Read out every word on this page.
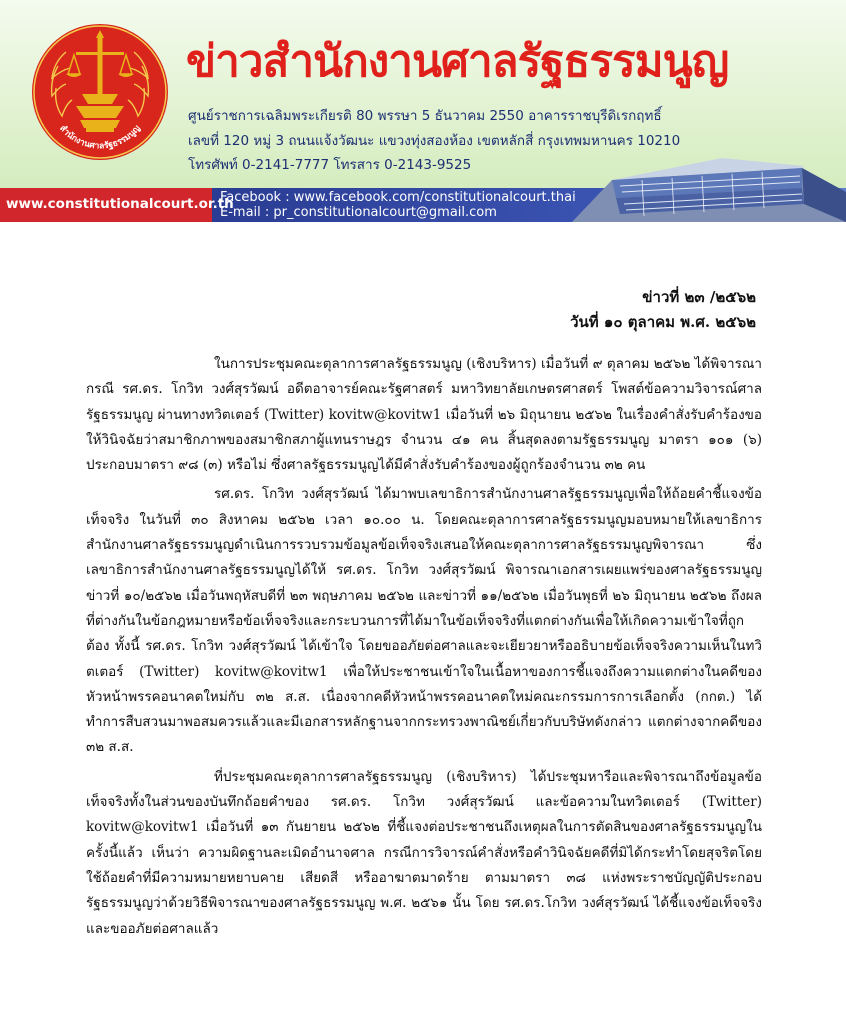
สำนักงานศาลรัฐธรรมนูญ
ข่าวสำนักงานศาลรัฐธรรมนูญ
ศูนย์ราชการเฉลิมพระเกียรติ 80 พรรษา 5 ธันวาคม 2550 อาคารราชบุรีดิเรกฤทธิ์
เลขที่ 120 หมู่ 3 ถนนแจ้งวัฒนะ แขวงทุ่งสองห้อง เขตหลักสี่ กรุงเทพมหานคร 10210
โทรศัพท์ 0-2141-7777 โทรสาร 0-2143-9525
www.constitutionalcourt.or.th
Facebook : www.facebook.com/constitutionalcourt.thai
E-mail : pr_constitutionalcourt@gmail.com
ข่าวที่ ๒๓ /๒๕๖๒
วันที่ ๑๐ ตุลาคม พ.ศ. ๒๕๖๒

ในการประชุมคณะตุลาการศาลรัฐธรรมนูญ (เชิงบริหาร) เมื่อวันที่ ๙ ตุลาคม ๒๕๖๒ ได้พิจารณากรณี รศ.ดร. โกวิท วงศ์สุรวัฒน์ อดีตอาจารย์คณะรัฐศาสตร์ มหาวิทยาลัยเกษตรศาสตร์ โพสต์ข้อความวิจารณ์ศาลรัฐธรรมนูญ ผ่านทางทวิตเตอร์ (Twitter) kovitw@kovitw1 เมื่อวันที่ ๒๖ มิถุนายน ๒๕๖๒ ในเรื่องคำสั่งรับคำร้องขอให้วินิจฉัยว่าสมาชิกภาพของสมาชิกสภาผู้แทนราษฎร จำนวน ๔๑ คน สิ้นสุดลงตามรัฐธรรมนูญ มาตรา ๑๐๑ (๖) ประกอบมาตรา ๙๘ (๓) หรือไม่ ซึ่งศาลรัฐธรรมนูญได้มีคำสั่งรับคำร้องของผู้ถูกร้องจำนวน ๓๒ คน

รศ.ดร. โกวิท วงศ์สุรวัฒน์ ได้มาพบเลขาธิการสำนักงานศาลรัฐธรรมนูญเพื่อให้ถ้อยคำชี้แจงข้อเท็จจริง ในวันที่ ๓๐ สิงหาคม ๒๕๖๒ เวลา ๑๐.๐๐ น. โดยคณะตุลาการศาลรัฐธรรมนูญมอบหมายให้เลขาธิการสำนักงานศาลรัฐธรรมนูญดำเนินการรวบรวมข้อมูลข้อเท็จจริงเสนอให้คณะตุลาการศาลรัฐธรรมนูญพิจารณา ซึ่งเลขาธิการสำนักงานศาลรัฐธรรมนูญได้ให้ รศ.ดร. โกวิท วงศ์สุรวัฒน์ พิจารณาเอกสารเผยแพร่ของศาลรัฐธรรมนูญ ข่าวที่ ๑๐/๒๕๖๒ เมื่อวันพฤหัสบดีที่ ๒๓ พฤษภาคม ๒๕๖๒ และข่าวที่ ๑๑/๒๕๖๒ เมื่อวันพุธที่ ๒๖ มิถุนายน ๒๕๖๒ ถึงผลที่ต่างกันในข้อกฎหมายหรือข้อเท็จจริงและกระบวนการที่ได้มาในข้อเท็จจริงที่แตกต่างกันเพื่อให้เกิดความเข้าใจที่ถูกต้อง ทั้งนี้ รศ.ดร. โกวิท วงศ์สุรวัฒน์ ได้เข้าใจ โดยขออภัยต่อศาลและจะเยียวยาหรืออธิบายข้อเท็จจริงความเห็นในทวิตเตอร์ (Twitter) kovitw@kovitw1 เพื่อให้ประชาชนเข้าใจในเนื้อหาของการชี้แจงถึงความแตกต่างในคดีของหัวหน้าพรรคอนาคตใหม่กับ ๓๒ ส.ส. เนื่องจากคดีหัวหน้าพรรคอนาคตใหม่คณะกรรมการการเลือกตั้ง (กกต.) ได้ทำการสืบสวนมาพอสมควรแล้วและมีเอกสารหลักฐานจากกระทรวงพาณิชย์เกี่ยวกับบริษัทดังกล่าว แตกต่างจากคดีของ ๓๒ ส.ส.

ที่ประชุมคณะตุลาการศาลรัฐธรรมนูญ (เชิงบริหาร) ได้ประชุมหารือและพิจารณาถึงข้อมูลข้อเท็จจริงทั้งในส่วนของบันทึกถ้อยคำของ รศ.ดร. โกวิท วงศ์สุรวัฒน์ และข้อความในทวิตเตอร์ (Twitter) kovitw@kovitw1 เมื่อวันที่ ๑๓ กันยายน ๒๕๖๒ ที่ชี้แจงต่อประชาชนถึงเหตุผลในการตัดสินของศาลรัฐธรรมนูญในครั้งนี้แล้ว เห็นว่า ความผิดฐานละเมิดอำนาจศาล กรณีการวิจารณ์คำสั่งหรือคำวินิจฉัยคดีที่มิได้กระทำโดยสุจริตโดยใช้ถ้อยคำที่มีความหมายหยาบคาย เสียดสี หรืออาฆาตมาดร้าย ตามมาตรา ๓๘ แห่งพระราชบัญญัติประกอบรัฐธรรมนูญว่าด้วยวิธีพิจารณาของศาลรัฐธรรมนูญ พ.ศ. ๒๕๖๑ นั้น โดย รศ.ดร.โกวิท วงศ์สุรวัฒน์ ได้ชี้แจงข้อเท็จจริงและขออภัยต่อศาลแล้ว
